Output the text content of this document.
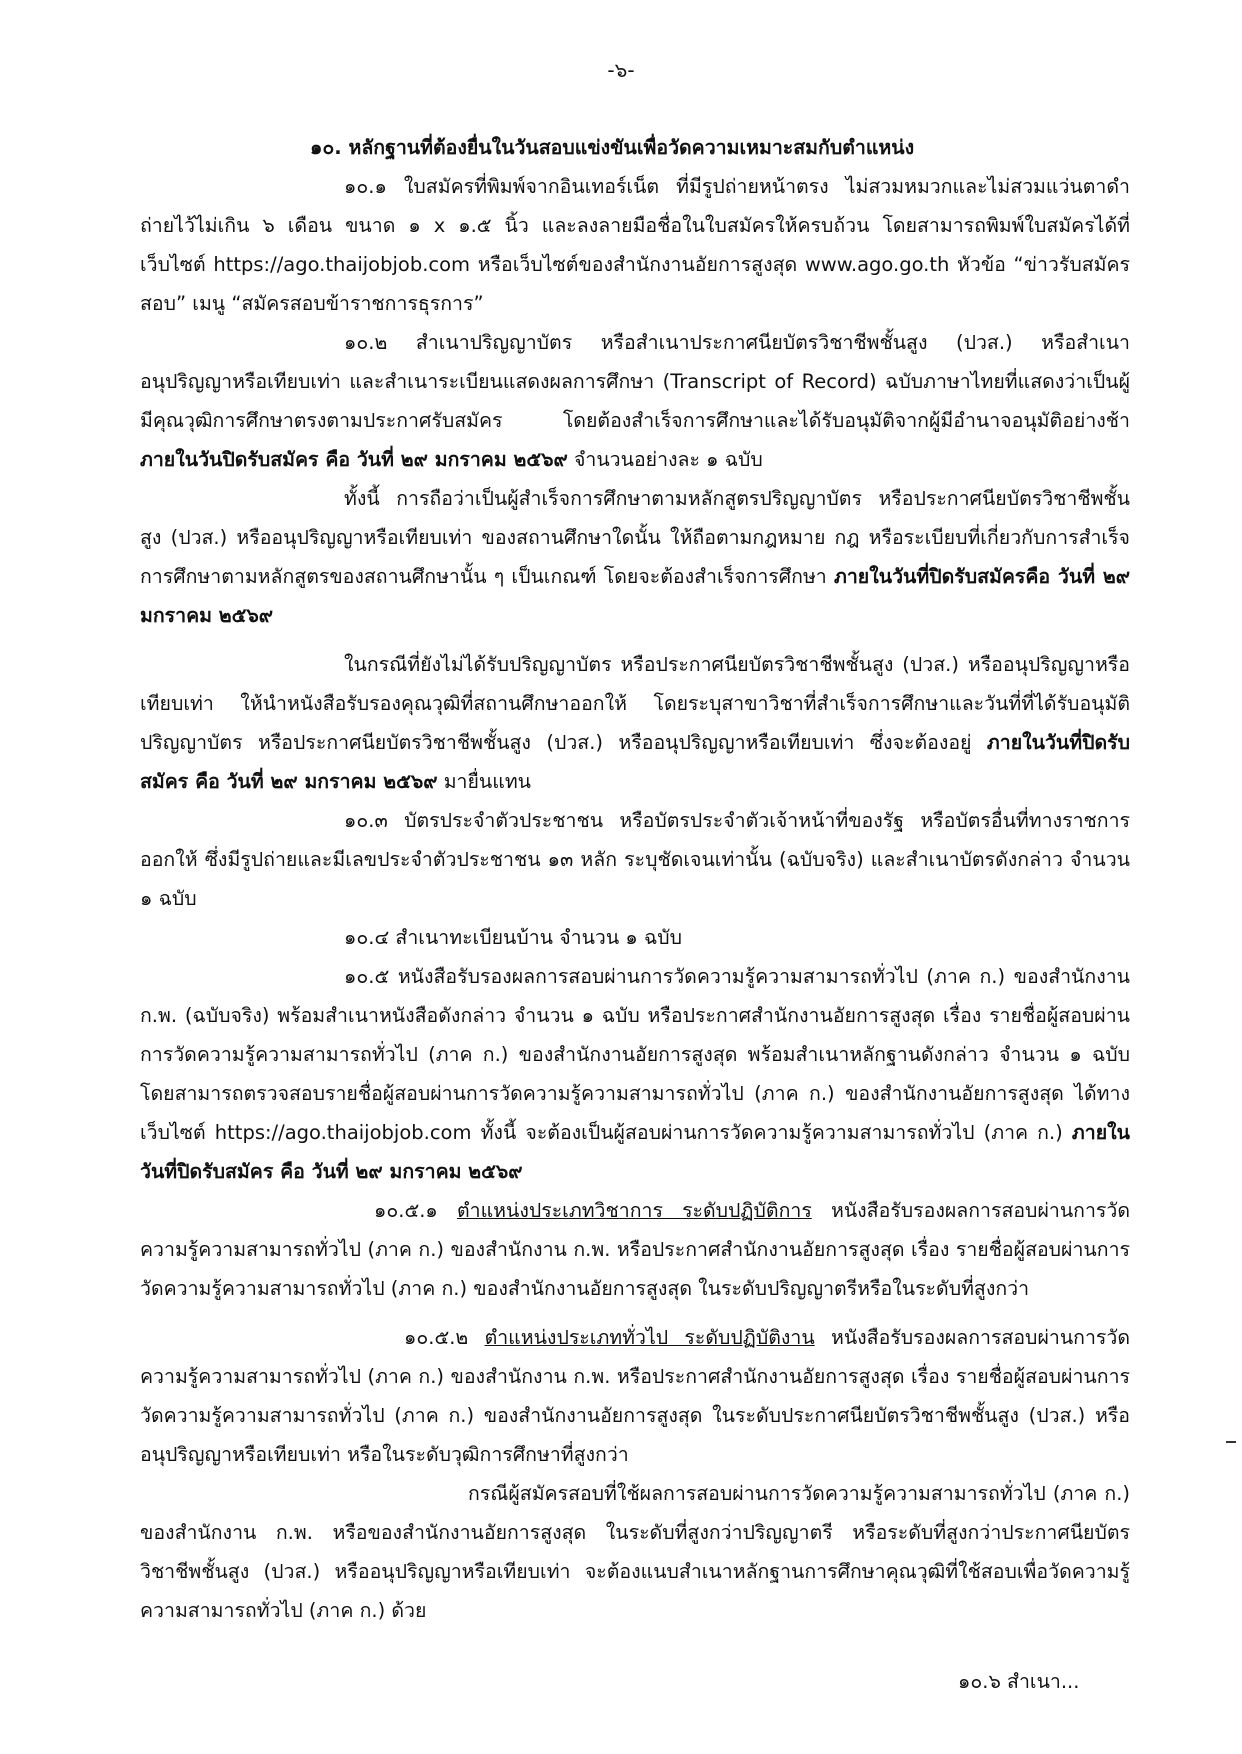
-๖-

๑๐. หลักฐานที่ต้องยื่นในวันสอบแข่งขันเพื่อวัดความเหมาะสมกับตำแหน่ง

๑๐.๑ ใบสมัครที่พิมพ์จากอินเทอร์เน็ต ที่มีรูปถ่ายหน้าตรง ไม่สวมหมวกและไม่สวมแว่นตาดำ ถ่ายไว้ไม่เกิน ๖ เดือน ขนาด ๑ x ๑.๕ นิ้ว และลงลายมือชื่อในใบสมัครให้ครบถ้วน โดยสามารถพิมพ์ใบสมัครได้ที่เว็บไซต์ https://ago.thaijobjob.com หรือเว็บไซต์ของสำนักงานอัยการสูงสุด www.ago.go.th หัวข้อ “ข่าวรับสมัครสอบ” เมนู “สมัครสอบข้าราชการธุรการ”

๑๐.๒ สำเนาปริญญาบัตร หรือสำเนาประกาศนียบัตรวิชาชีพชั้นสูง (ปวส.) หรือสำเนาอนุปริญญาหรือเทียบเท่า และสำเนาระเบียนแสดงผลการศึกษา (Transcript of Record) ฉบับภาษาไทยที่แสดงว่าเป็นผู้มีคุณวุฒิการศึกษาตรงตามประกาศรับสมัคร โดยต้องสำเร็จการศึกษาและได้รับอนุมัติจากผู้มีอำนาจอนุมัติอย่างช้า ภายในวันปิดรับสมัคร คือ วันที่ ๒๙ มกราคม ๒๕๖๙ จำนวนอย่างละ ๑ ฉบับ

ทั้งนี้ การถือว่าเป็นผู้สำเร็จการศึกษาตามหลักสูตรปริญญาบัตร หรือประกาศนียบัตรวิชาชีพชั้นสูง (ปวส.) หรืออนุปริญญาหรือเทียบเท่า ของสถานศึกษาใดนั้น ให้ถือตามกฎหมาย กฎ หรือระเบียบที่เกี่ยวกับการสำเร็จการศึกษาตามหลักสูตรของสถานศึกษานั้น ๆ เป็นเกณฑ์ โดยจะต้องสำเร็จการศึกษา ภายในวันที่ปิดรับสมัครคือ วันที่ ๒๙ มกราคม ๒๕๖๙

ในกรณีที่ยังไม่ได้รับปริญญาบัตร หรือประกาศนียบัตรวิชาชีพชั้นสูง (ปวส.) หรืออนุปริญญาหรือเทียบเท่า ให้นำหนังสือรับรองคุณวุฒิที่สถานศึกษาออกให้ โดยระบุสาขาวิชาที่สำเร็จการศึกษาและวันที่ที่ได้รับอนุมัติปริญญาบัตร หรือประกาศนียบัตรวิชาชีพชั้นสูง (ปวส.) หรืออนุปริญญาหรือเทียบเท่า ซึ่งจะต้องอยู่ ภายในวันที่ปิดรับสมัคร คือ วันที่ ๒๙ มกราคม ๒๕๖๙ มายื่นแทน

๑๐.๓ บัตรประจำตัวประชาชน หรือบัตรประจำตัวเจ้าหน้าที่ของรัฐ หรือบัตรอื่นที่ทางราชการออกให้ ซึ่งมีรูปถ่ายและมีเลขประจำตัวประชาชน ๑๓ หลัก ระบุชัดเจนเท่านั้น (ฉบับจริง) และสำเนาบัตรดังกล่าว จำนวน ๑ ฉบับ

๑๐.๔ สำเนาทะเบียนบ้าน จำนวน ๑ ฉบับ

๑๐.๕ หนังสือรับรองผลการสอบผ่านการวัดความรู้ความสามารถทั่วไป (ภาค ก.) ของสำนักงาน ก.พ. (ฉบับจริง) พร้อมสำเนาหนังสือดังกล่าว จำนวน ๑ ฉบับ หรือประกาศสำนักงานอัยการสูงสุด เรื่อง รายชื่อผู้สอบผ่านการวัดความรู้ความสามารถทั่วไป (ภาค ก.) ของสำนักงานอัยการสูงสุด พร้อมสำเนาหลักฐานดังกล่าว จำนวน ๑ ฉบับ โดยสามารถตรวจสอบรายชื่อผู้สอบผ่านการวัดความรู้ความสามารถทั่วไป (ภาค ก.) ของสำนักงานอัยการสูงสุด ได้ทางเว็บไซต์ https://ago.thaijobjob.com ทั้งนี้ จะต้องเป็นผู้สอบผ่านการวัดความรู้ความสามารถทั่วไป (ภาค ก.) ภายในวันที่ปิดรับสมัคร คือ วันที่ ๒๙ มกราคม ๒๕๖๙

๑๐.๕.๑ ตำแหน่งประเภทวิชาการ ระดับปฏิบัติการ หนังสือรับรองผลการสอบผ่านการวัดความรู้ความสามารถทั่วไป (ภาค ก.) ของสำนักงาน ก.พ. หรือประกาศสำนักงานอัยการสูงสุด เรื่อง รายชื่อผู้สอบผ่านการวัดความรู้ความสามารถทั่วไป (ภาค ก.) ของสำนักงานอัยการสูงสุด ในระดับปริญญาตรีหรือในระดับที่สูงกว่า

๑๐.๕.๒ ตำแหน่งประเภททั่วไป ระดับปฏิบัติงาน หนังสือรับรองผลการสอบผ่านการวัดความรู้ความสามารถทั่วไป (ภาค ก.) ของสำนักงาน ก.พ. หรือประกาศสำนักงานอัยการสูงสุด เรื่อง รายชื่อผู้สอบผ่านการวัดความรู้ความสามารถทั่วไป (ภาค ก.) ของสำนักงานอัยการสูงสุด ในระดับประกาศนียบัตรวิชาชีพชั้นสูง (ปวส.) หรืออนุปริญญาหรือเทียบเท่า หรือในระดับวุฒิการศึกษาที่สูงกว่า

กรณีผู้สมัครสอบที่ใช้ผลการสอบผ่านการวัดความรู้ความสามารถทั่วไป (ภาค ก.) ของสำนักงาน ก.พ. หรือของสำนักงานอัยการสูงสุด ในระดับที่สูงกว่าปริญญาตรี หรือระดับที่สูงกว่าประกาศนียบัตรวิชาชีพชั้นสูง (ปวส.) หรืออนุปริญญาหรือเทียบเท่า จะต้องแนบสำเนาหลักฐานการศึกษาคุณวุฒิที่ใช้สอบเพื่อวัดความรู้ความสามารถทั่วไป (ภาค ก.) ด้วย

๑๐.๖ สำเนา...
